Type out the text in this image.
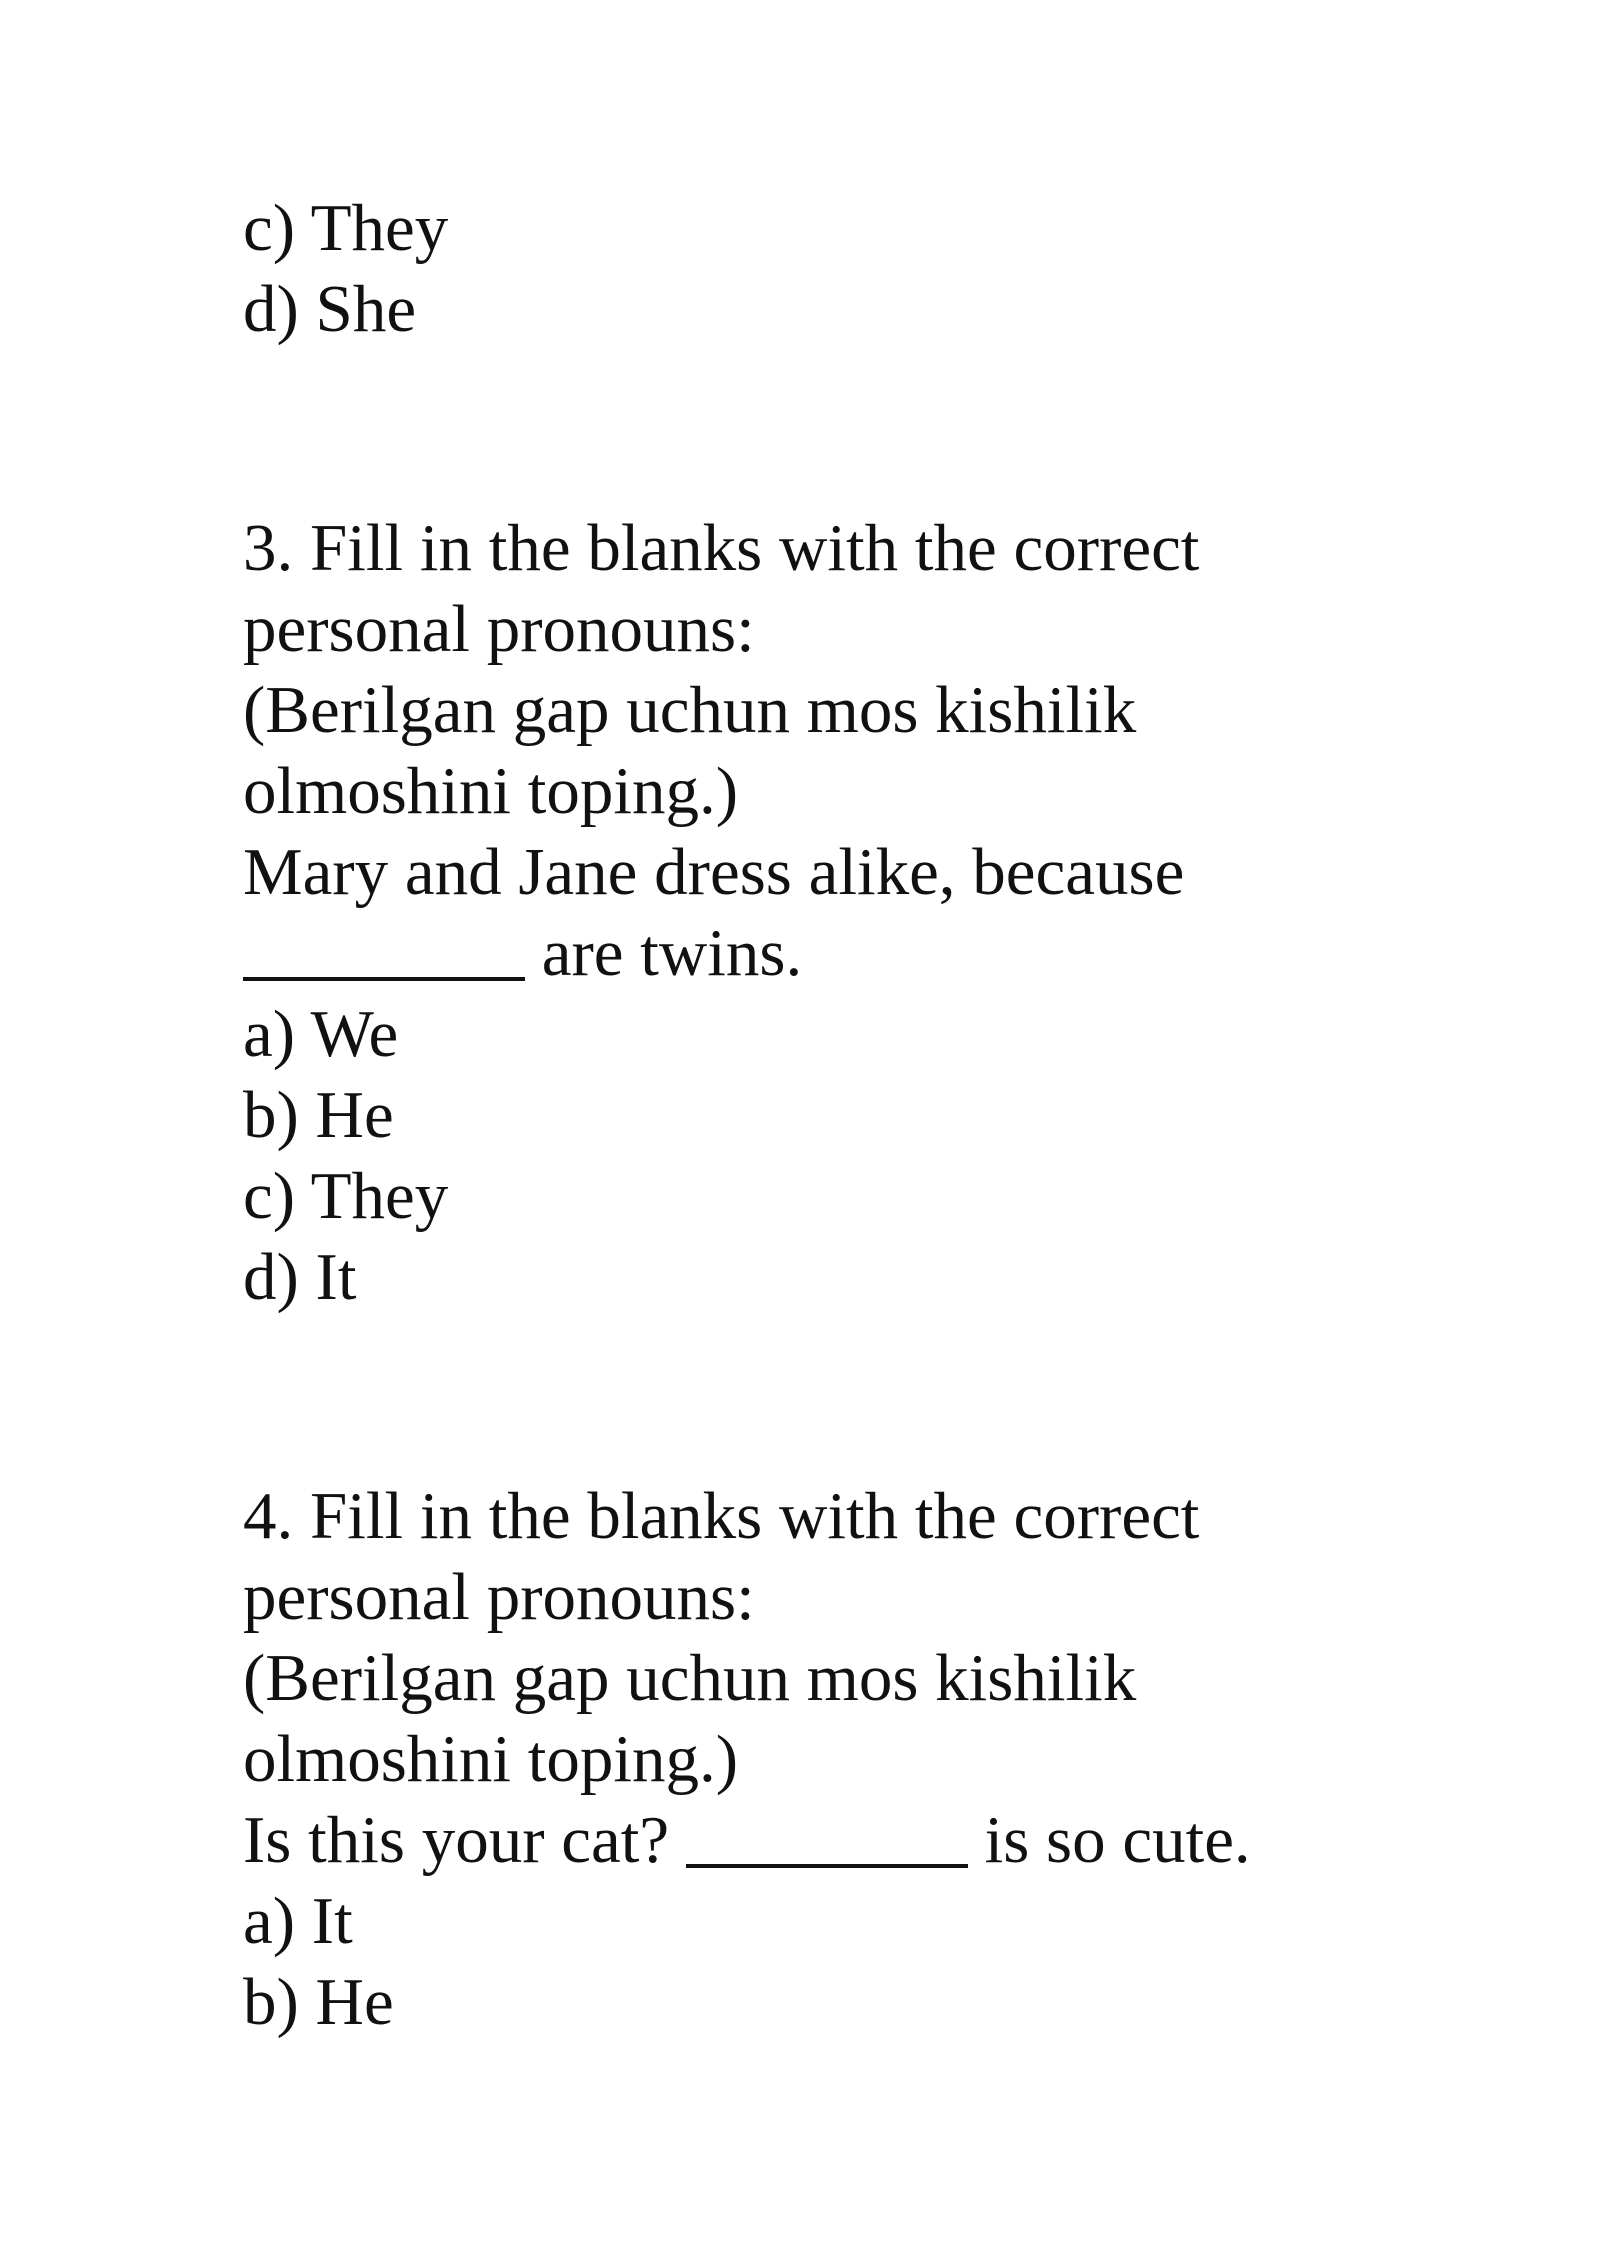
c) They
d) She
3. Fill in the blanks with the correct
personal pronouns:
(Berilgan gap uchun mos kishilik
olmoshini toping.)
Mary and Jane dress alike, because
are twins.
a) We
b) He
c) They
d) It
4. Fill in the blanks with the correct
personal pronouns:
(Berilgan gap uchun mos kishilik
olmoshini toping.)
Is this your cat?	is so cute.
a) It
b) He
